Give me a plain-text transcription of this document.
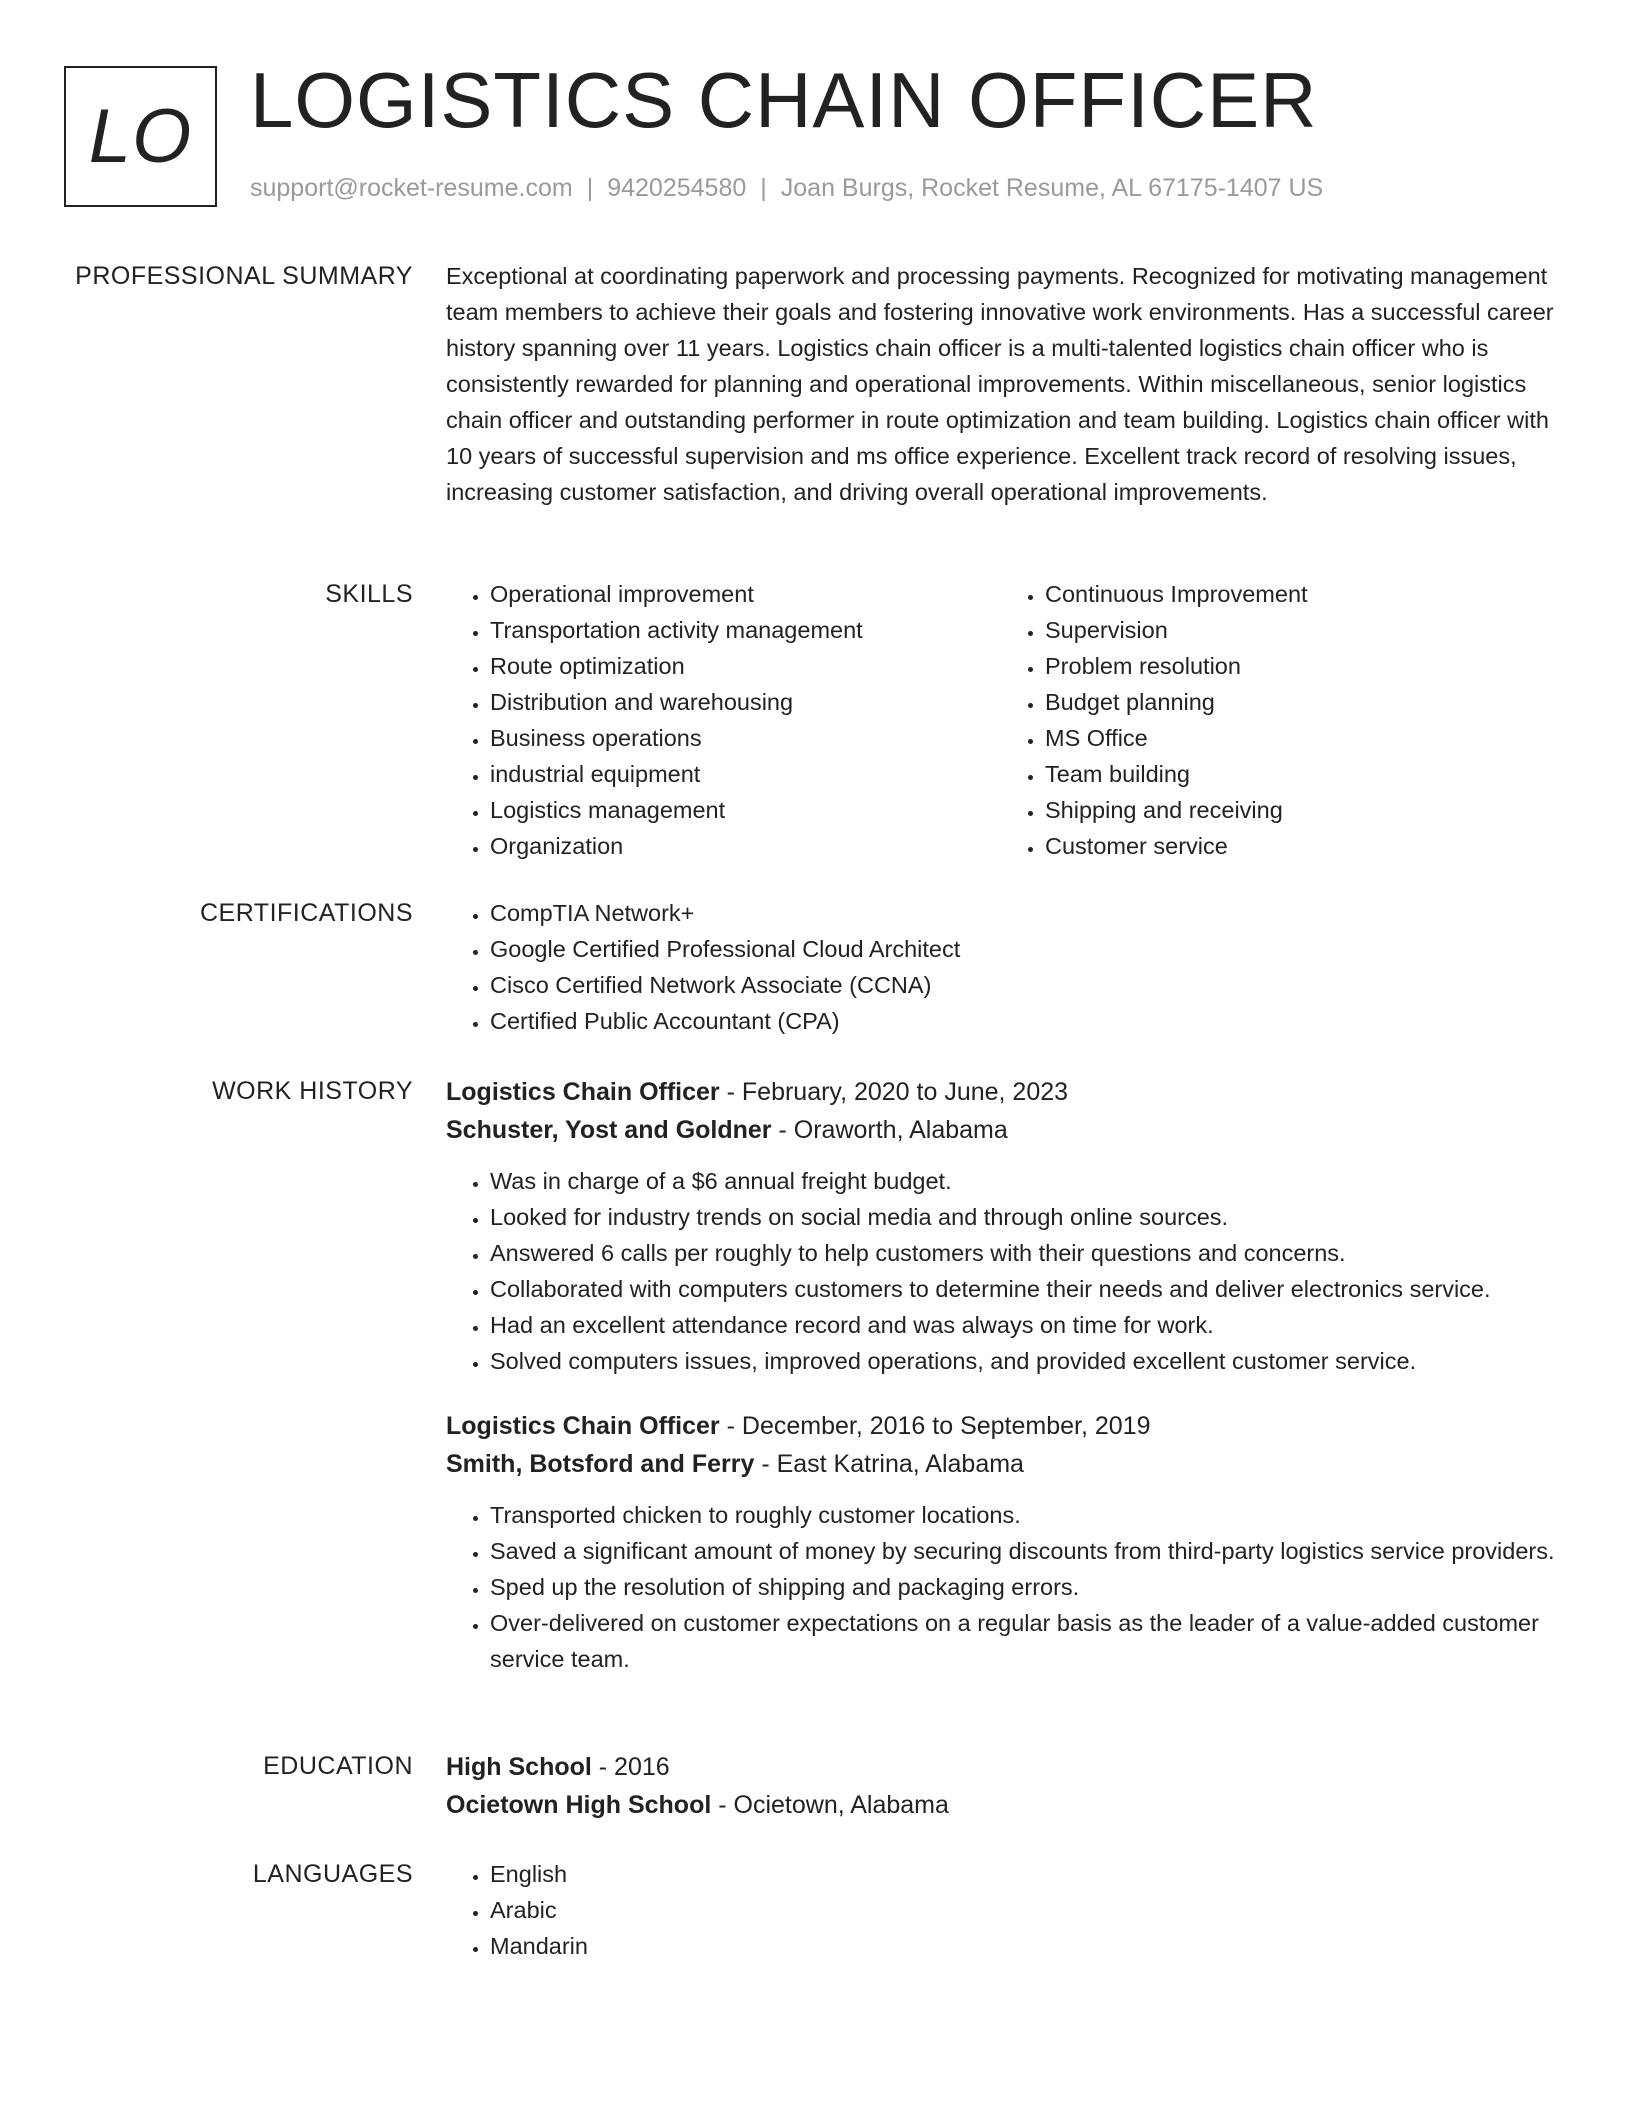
LO LOGISTICS CHAIN OFFICER
support@rocket-resume.com | 9420254580 | Joan Burgs, Rocket Resume, AL 67175-1407 US
PROFESSIONAL SUMMARY Exceptional at coordinating paperwork and processing payments. Recognized for motivating management team members to achieve their goals and fostering innovative work environments. Has a successful career history spanning over 11 years. Logistics chain officer is a multi-talented logistics chain officer who is consistently rewarded for planning and operational improvements. Within miscellaneous, senior logistics chain officer and outstanding performer in route optimization and team building. Logistics chain officer with 10 years of successful supervision and ms office experience. Excellent track record of resolving issues, increasing customer satisfaction, and driving overall operational improvements.
SKILLS	• Operational improvement
• Transportation activity management
• Route optimization
• Distribution and warehousing
• Business operations
• industrial equipment
• Logistics management
• Organization
• Continuous Improvement
• Supervision
• Problem resolution
• Budget planning
• MS Office
• Team building
• Shipping and receiving
• Customer service
CERTIFICATIONS	• CompTIA Network+
• Google Certified Professional Cloud Architect
• Cisco Certified Network Associate (CCNA)
• Certified Public Accountant (CPA)
WORK HISTORY Logistics Chain Officer - February, 2020 to June, 2023
Schuster, Yost and Goldner - Oraworth, Alabama
• Was in charge of a $6 annual freight budget.
• Looked for industry trends on social media and through online sources.
• Answered 6 calls per roughly to help customers with their questions and concerns.
• Collaborated with computers customers to determine their needs and deliver electronics service.
• Had an excellent attendance record and was always on time for work.
• Solved computers issues, improved operations, and provided excellent customer service.
Logistics Chain Officer - December, 2016 to September, 2019
Smith, Botsford and Ferry - East Katrina, Alabama
• Transported chicken to roughly customer locations.
• Saved a significant amount of money by securing discounts from third-party logistics service providers.
• Sped up the resolution of shipping and packaging errors.
• Over-delivered on customer expectations on a regular basis as the leader of a value-added customer service team.
EDUCATION High School - 2016
Ocietown High School - Ocietown, Alabama
LANGUAGES	• English
• Arabic
• Mandarin
